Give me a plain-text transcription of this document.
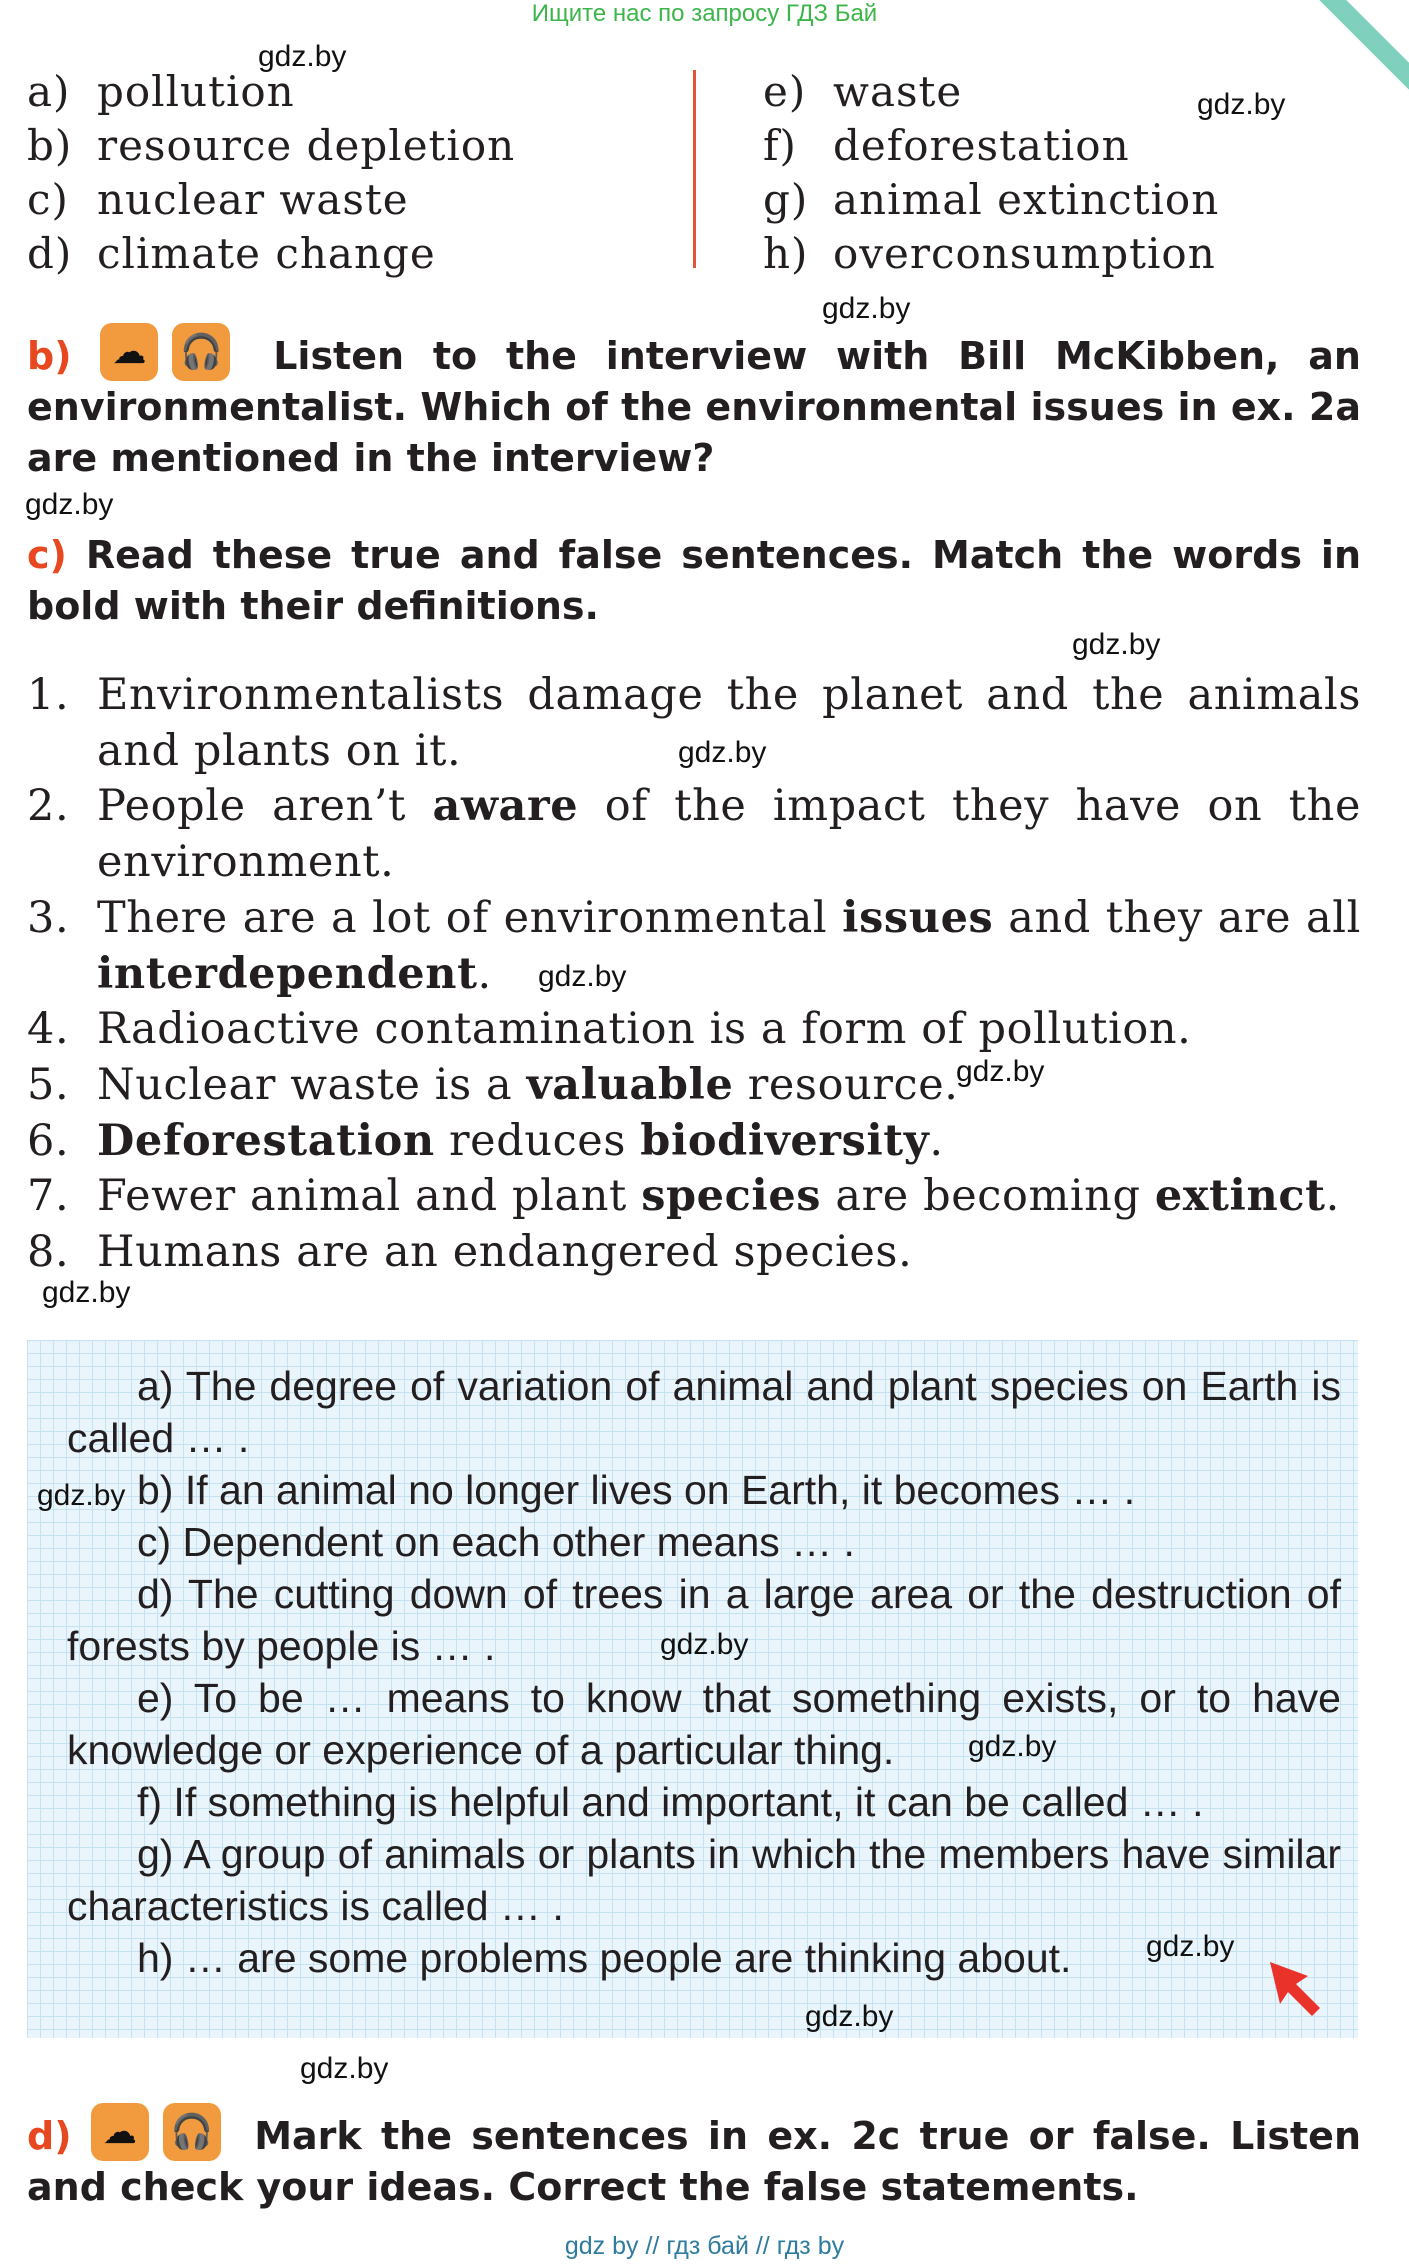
Ищите нас по запросу ГДЗ Бай
a) pollution
b) resource depletion
c) nuclear waste
d) climate change
e) waste
f) deforestation
g) animal extinction
h) overconsumption
b)	☁ 🎧 Listen to the interview with Bill McKibben, an environmentalist. Which of the environmental issues in ex. 2a are mentioned in the interview?
c) Read these true and false sentences. Match the words in bold with their definitions.
1. Environmentalists damage the planet and the animals and plants on it.
2. People aren’t aware of the impact they have on the environment.
3. There are a lot of environmental issues and they are all interdependent.
4. Radioactive contamination is a form of pollution.
5. Nuclear waste is a valuable resource.
6. Deforestation reduces biodiversity.
7. Fewer animal and plant species are becoming extinct.
8. Humans are an endangered species.
a) The degree of variation of animal and plant species on Earth is called … .
b) If an animal no longer lives on Earth, it becomes … .
c) Dependent on each other means … .
d) The cutting down of trees in a large area or the destruction of forests by people is … .
e) To be … means to know that something exists, or to have knowledge or experience of a particular thing.
f) If something is helpful and important, it can be called … .
g) A group of animals or plants in which the members have similar characteristics is called … .
h) … are some problems people are thinking about.
d) ☁ 🎧 Mark the sentences in ex. 2c true or false. Listen and check your ideas. Correct the false statements.
gdz by // гдз бай // гдз by
gdz.by
gdz.by
gdz.by
gdz.by
gdz.by
gdz.by
gdz.by
gdz.by
gdz.by
gdz.by
gdz.by
gdz.by
gdz.by
gdz.by
gdz.by
